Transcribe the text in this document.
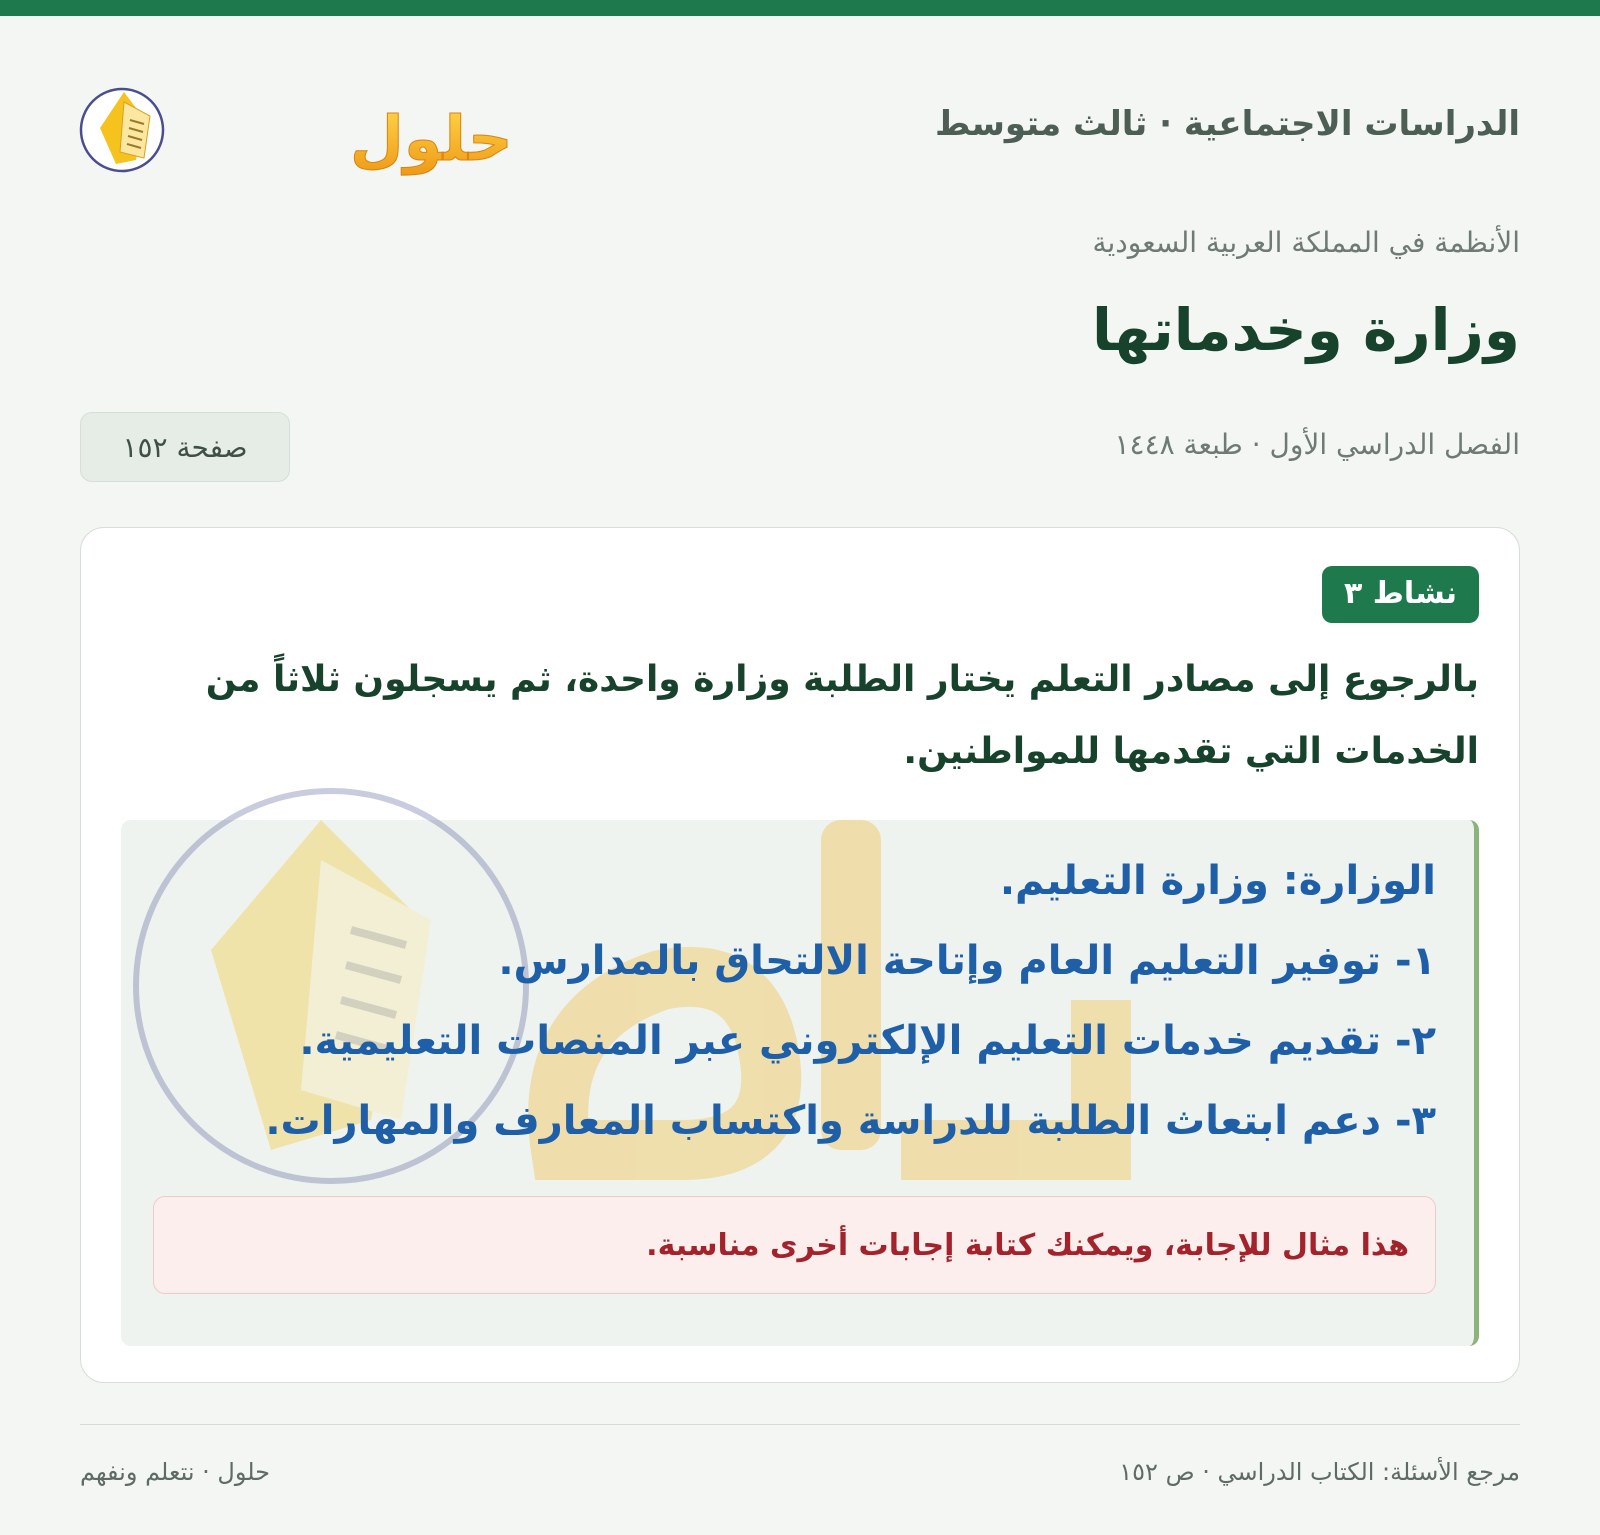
الدراسات الاجتماعية · ثالث متوسط
حلول
الأنظمة في المملكة العربية السعودية
وزارة وخدماتها
الفصل الدراسي الأول · طبعة ١٤٤٨
صفحة ١٥٢
نشاط ٣
بالرجوع إلى مصادر التعلم يختار الطلبة وزارة واحدة، ثم يسجلون ثلاثاً من الخدمات التي تقدمها للمواطنين.
الوزارة: وزارة التعليم.
١- توفير التعليم العام وإتاحة الالتحاق بالمدارس.
٢- تقديم خدمات التعليم الإلكتروني عبر المنصات التعليمية.
٣- دعم ابتعاث الطلبة للدراسة واكتساب المعارف والمهارات.
هذا مثال للإجابة، ويمكنك كتابة إجابات أخرى مناسبة.
مرجع الأسئلة: الكتاب الدراسي · ص ١٥٢
حلول · نتعلم ونفهم
